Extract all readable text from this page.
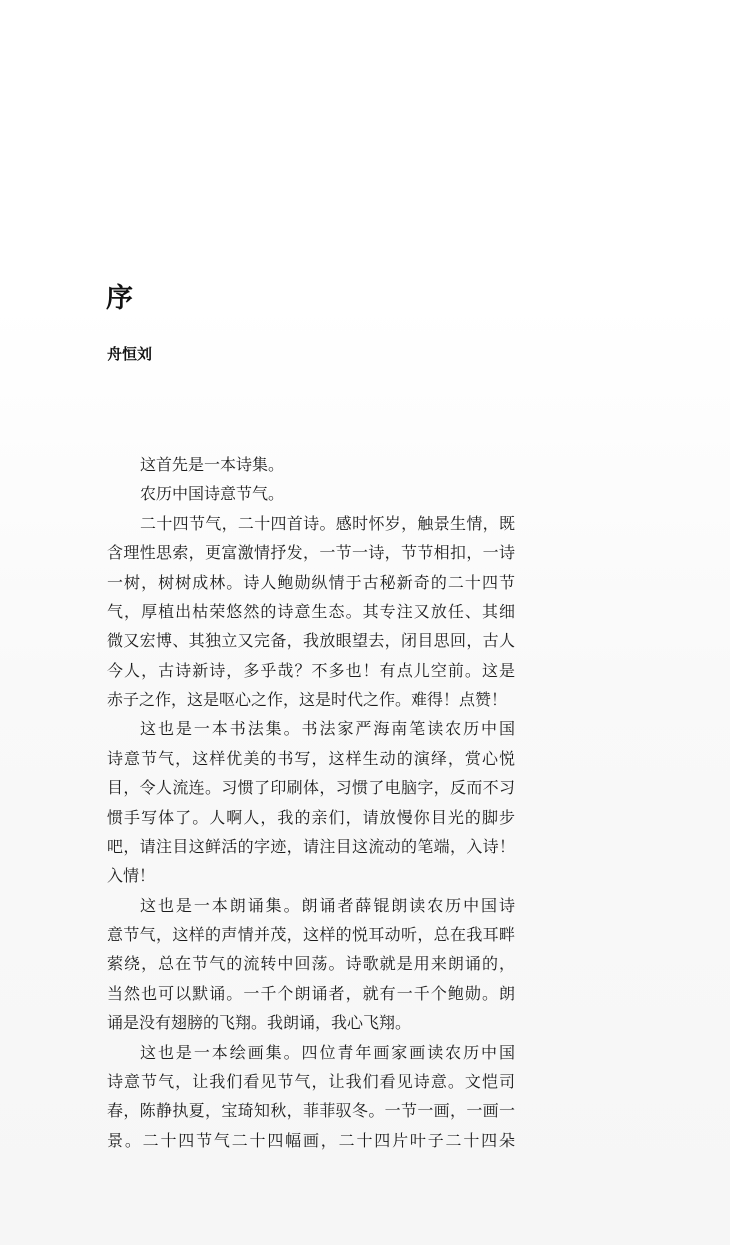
序

舟恒刘

这首先是一本诗集。
农历中国诗意节气。
二十四节气，二十四首诗。感时怀岁，触景生情，既
含理性思索，更富激情抒发，一节一诗，节节相扣，一诗
一树，树树成林。诗人鲍勋纵情于古秘新奇的二十四节
气，厚植出枯荣悠然的诗意生态。其专注又放任、其细
微又宏博、其独立又完备，我放眼望去，闭目思回，古人
今人，古诗新诗，多乎哉？不多也！有点儿空前。这是
赤子之作，这是呕心之作，这是时代之作。难得！点赞！
这也是一本书法集。书法家严海南笔读农历中国
诗意节气，这样优美的书写，这样生动的演绎，赏心悦
目，令人流连。习惯了印刷体，习惯了电脑字，反而不习
惯手写体了。人啊人，我的亲们，请放慢你目光的脚步
吧，请注目这鲜活的字迹，请注目这流动的笔端，入诗！
入情！
这也是一本朗诵集。朗诵者薛锟朗读农历中国诗
意节气，这样的声情并茂，这样的悦耳动听，总在我耳畔
萦绕，总在节气的流转中回荡。诗歌就是用来朗诵的，
当然也可以默诵。一千个朗诵者，就有一千个鲍勋。朗
诵是没有翅膀的飞翔。我朗诵，我心飞翔。
这也是一本绘画集。四位青年画家画读农历中国
诗意节气，让我们看见节气，让我们看见诗意。文恺司
春，陈静执夏，宝琦知秋，菲菲驭冬。一节一画，一画一
景。二十四节气二十四幅画，二十四片叶子二十四朵
